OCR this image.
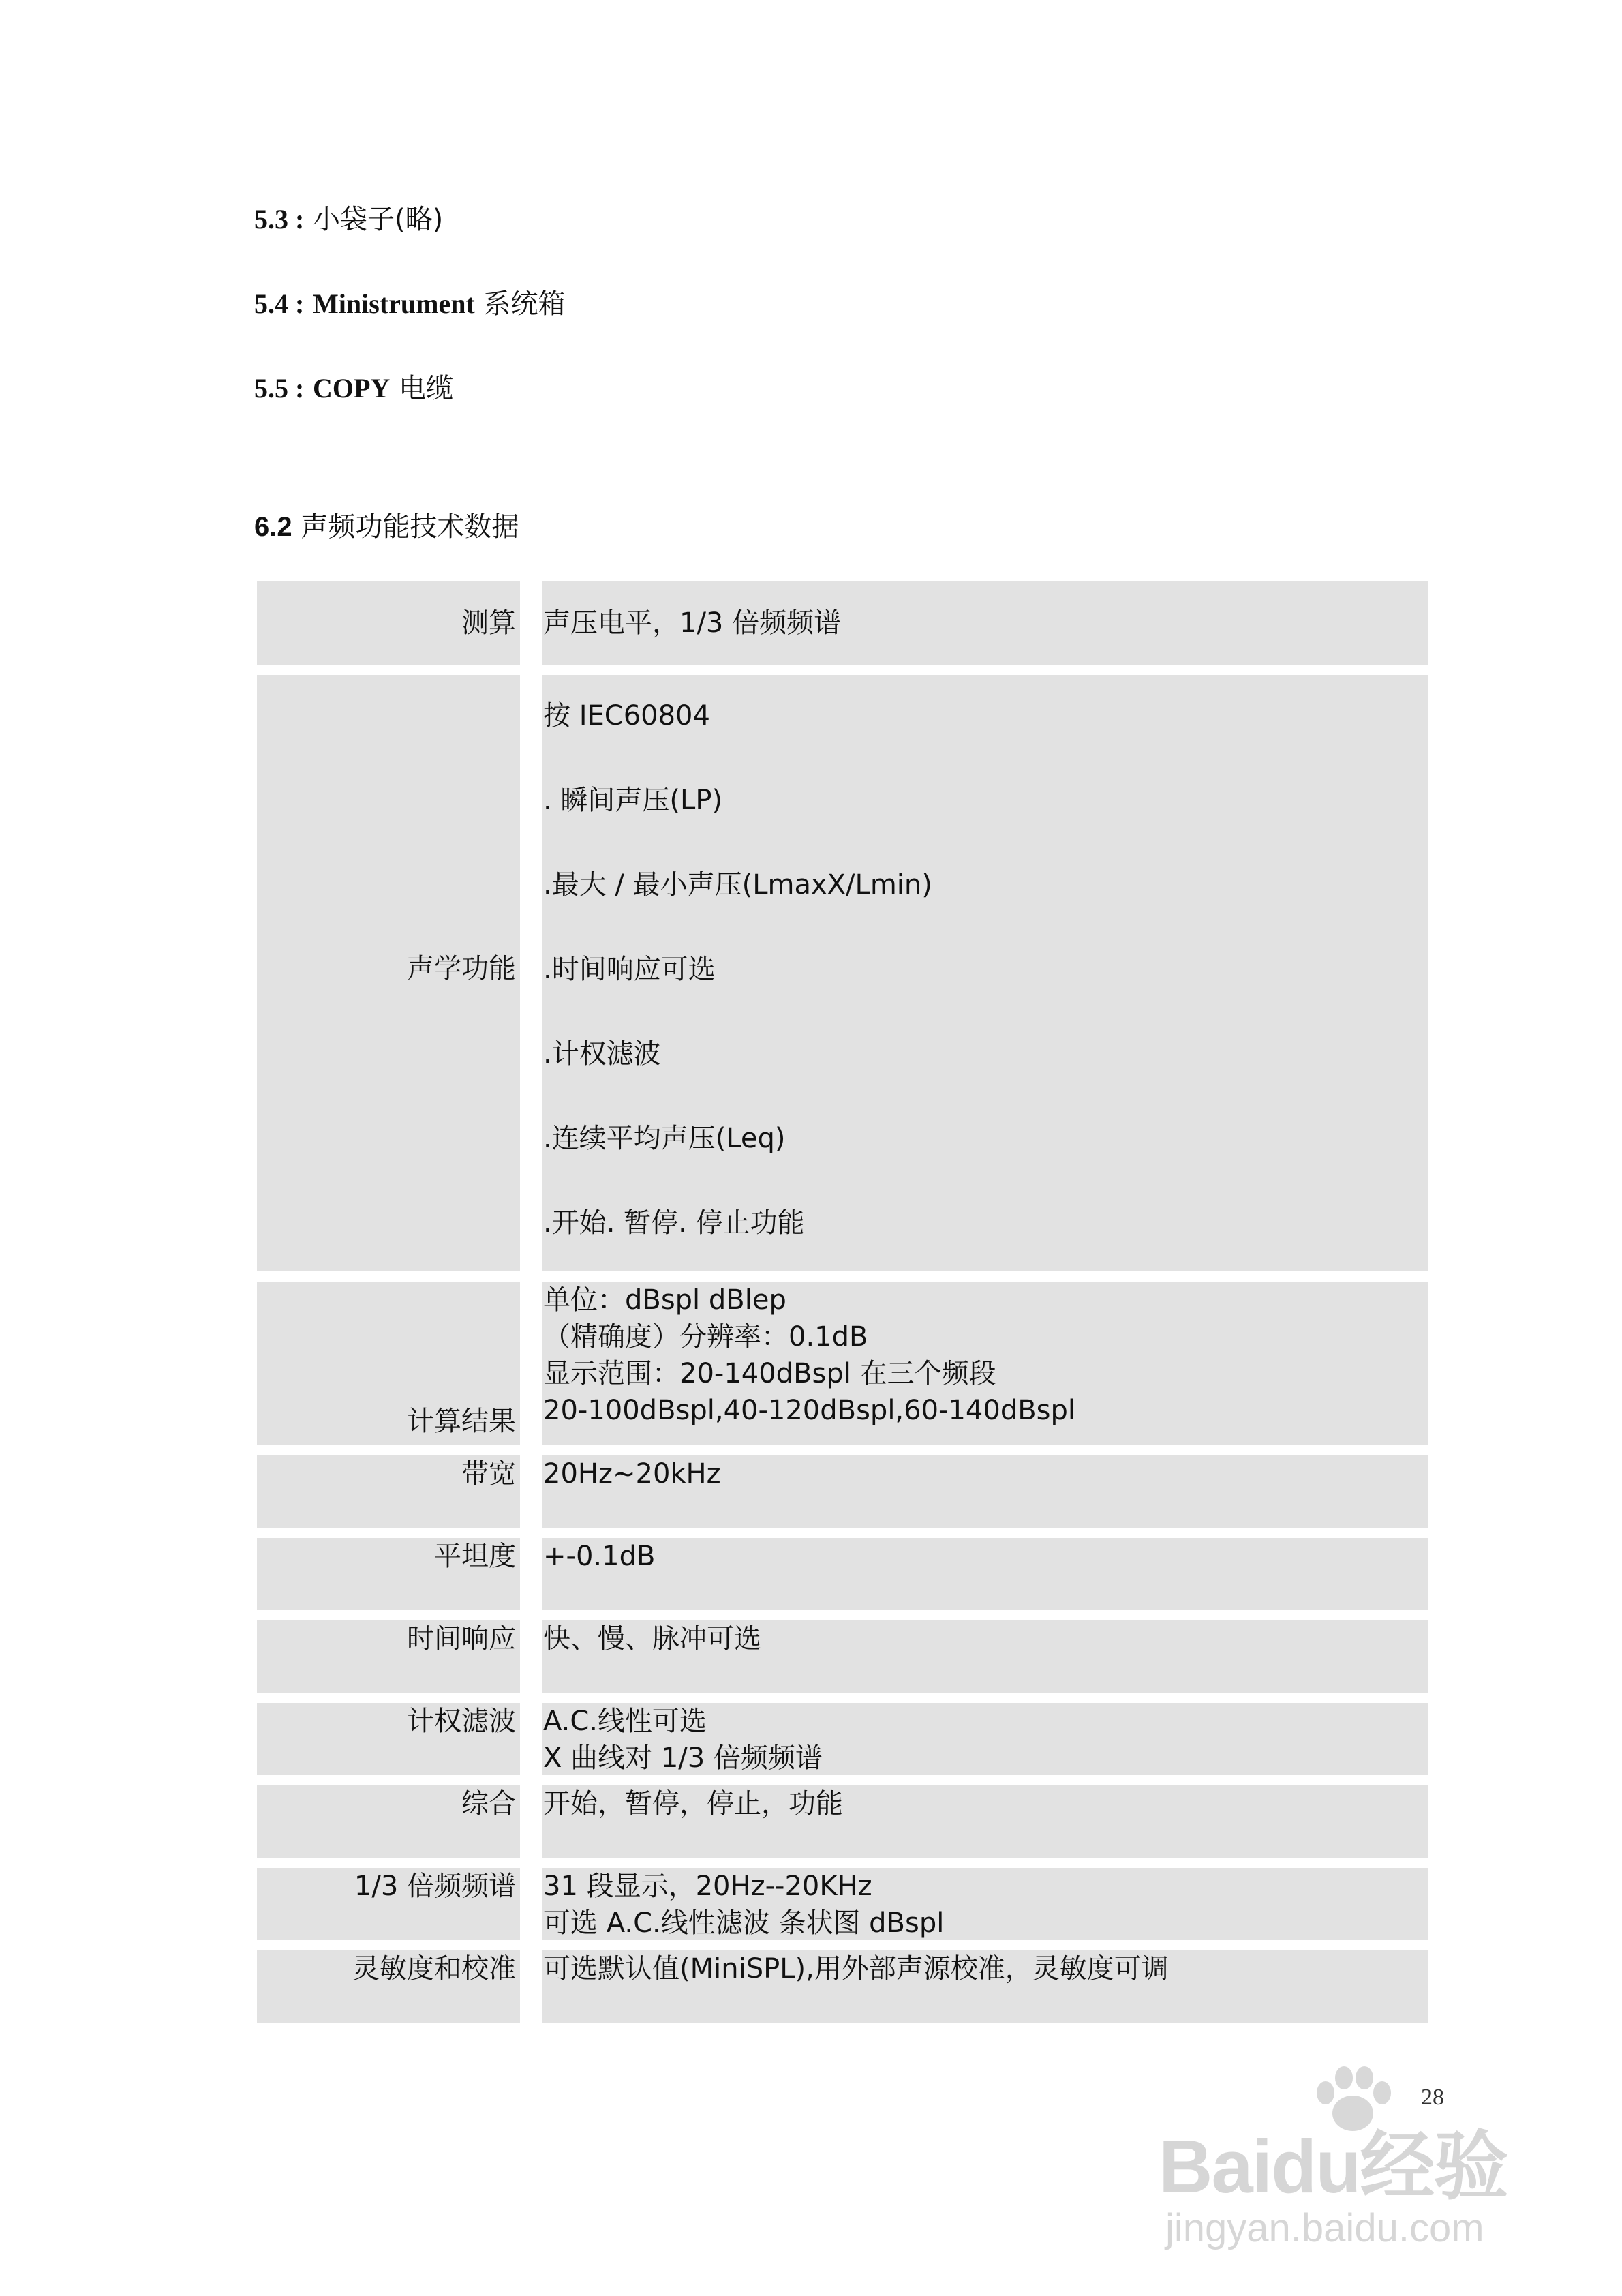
5.3 : 小袋子(略)
5.4 : Ministrument 系统箱
5.5 : COPY 电缆
6.2 声频功能技术数据
测算 声压电平，1/3 倍频频谱
声学功能
按 IEC60804
. 瞬间声压(LP)
.最大 / 最小声压(LmaxX/Lmin)
.时间响应可选
.计权滤波
.连续平均声压(Leq)
.开始. 暂停. 停止功能
计算结果
单位：dBspl dBlep
（精确度）分辨率：0.1dB
显示范围：20-140dBspl 在三个频段
20-100dBspl,40-120dBspl,60-140dBspl
带宽 20Hz~20kHz
平坦度 +-0.1dB
时间响应 快、慢、脉冲可选
计权滤波 A.C.线性可选
X 曲线对 1/3 倍频频谱
综合 开始，暂停，停止，功能
1/3 倍频频谱 31 段显示，20Hz--20KHz
可选 A.C.线性滤波 条状图 dBspl
灵敏度和校准 可选默认值(MiniSPL),用外部声源校准，灵敏度可调
Baidu经验
jingyan.baidu.com
28
